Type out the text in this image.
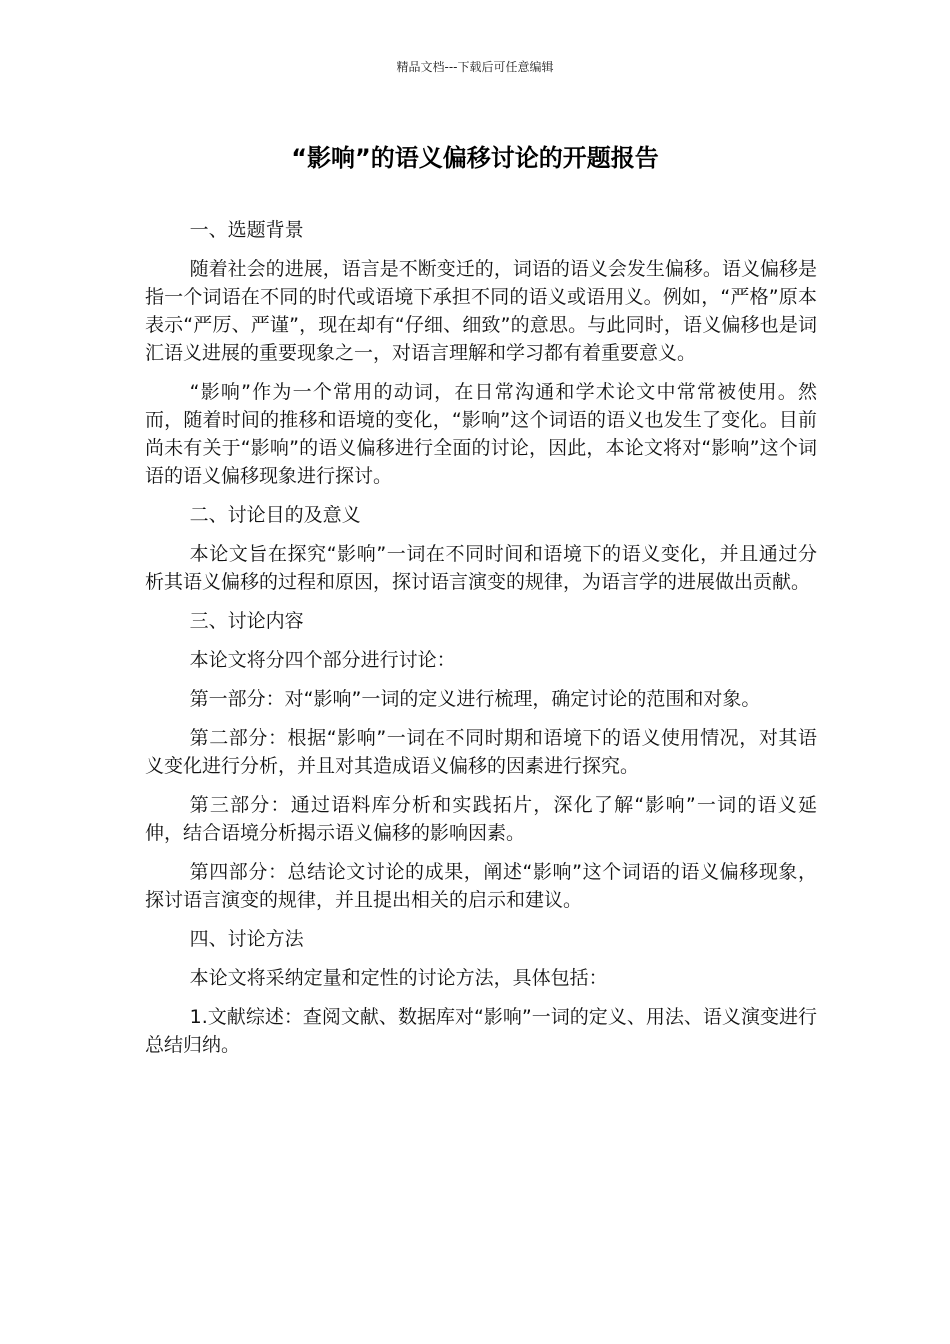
精品文档---下载后可任意编辑
“影响”的语义偏移讨论的开题报告

一、选题背景

随着社会的进展，语言是不断变迁的，词语的语义会发生偏移。语义偏移是指一个词语在不同的时代或语境下承担不同的语义或语用义。例如，“严格”原本表示“严厉、严谨”，现在却有“仔细、细致”的意思。与此同时，语义偏移也是词汇语义进展的重要现象之一，对语言理解和学习都有着重要意义。

“影响”作为一个常用的动词，在日常沟通和学术论文中常常被使用。然而，随着时间的推移和语境的变化，“影响”这个词语的语义也发生了变化。目前尚未有关于“影响”的语义偏移进行全面的讨论，因此，本论文将对“影响”这个词语的语义偏移现象进行探讨。

二、讨论目的及意义

本论文旨在探究“影响”一词在不同时间和语境下的语义变化，并且通过分析其语义偏移的过程和原因，探讨语言演变的规律，为语言学的进展做出贡献。

三、讨论内容

本论文将分四个部分进行讨论：

第一部分：对“影响”一词的定义进行梳理，确定讨论的范围和对象。

第二部分：根据“影响”一词在不同时期和语境下的语义使用情况，对其语义变化进行分析，并且对其造成语义偏移的因素进行探究。

第三部分：通过语料库分析和实践拓片，深化了解“影响”一词的语义延伸，结合语境分析揭示语义偏移的影响因素。

第四部分：总结论文讨论的成果，阐述“影响”这个词语的语义偏移现象，探讨语言演变的规律，并且提出相关的启示和建议。

四、讨论方法

本论文将采纳定量和定性的讨论方法，具体包括：

1.文献综述：查阅文献、数据库对“影响”一词的定义、用法、语义演变进行总结归纳。
